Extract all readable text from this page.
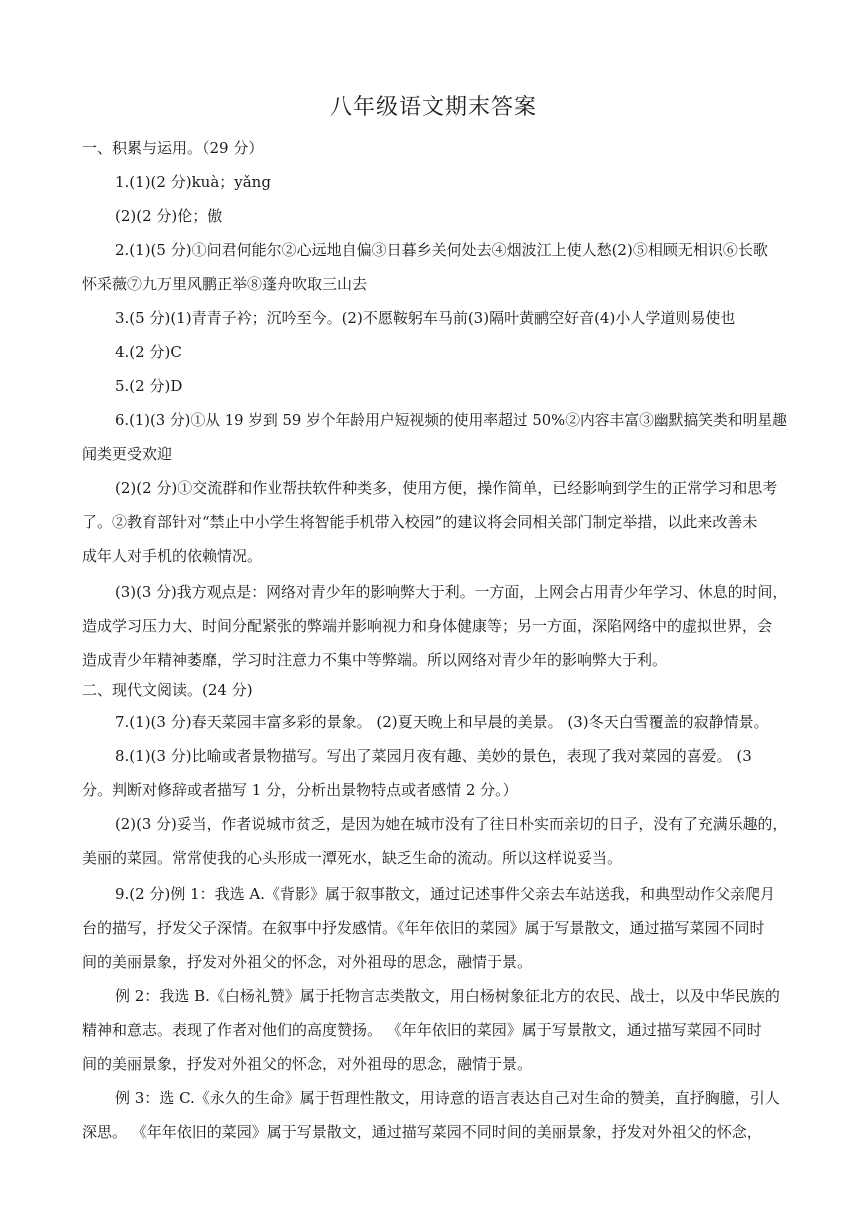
八年级语文期末答案
一、积累与运用。（29 分）
1.(1)(2 分)kuà；yǎng
(2)(2 分)伦；傲
2.(1)(5 分)①问君何能尔②心远地自偏③日暮乡关何处去④烟波江上使人愁(2)⑤相顾无相识⑥长歌
怀采薇⑦九万里风鹏正举⑧蓬舟吹取三山去
3.(5 分)(1)青青子衿；沉吟至今。(2)不愿鞍躬车马前(3)隔叶黄鹂空好音(4)小人学道则易使也
4.(2 分)C
5.(2 分)D
6.(1)(3 分)①从 19 岁到 59 岁个年龄用户短视频的使用率超过 50%②内容丰富③幽默搞笑类和明星趣
闻类更受欢迎
(2)(2 分)①交流群和作业帮扶软件种类多，使用方便，操作简单，已经影响到学生的正常学习和思考
了。②教育部针对“禁止中小学生将智能手机带入校园”的建议将会同相关部门制定举措，以此来改善未
成年人对手机的依赖情况。
(3)(3 分)我方观点是：网络对青少年的影响弊大于利。一方面，上网会占用青少年学习、休息的时间，
造成学习压力大、时间分配紧张的弊端并影响视力和身体健康等；另一方面，深陷网络中的虚拟世界，会
造成青少年精神萎靡，学习时注意力不集中等弊端。所以网络对青少年的影响弊大于利。
二、现代文阅读。(24 分)
7.(1)(3 分)春天菜园丰富多彩的景象。 (2)夏天晚上和早晨的美景。 (3)冬天白雪覆盖的寂静情景。
8.(1)(3 分)比喻或者景物描写。写出了菜园月夜有趣、美妙的景色，表现了我对菜园的喜爱。 (3
分。判断对修辞或者描写 1 分，分析出景物特点或者感情 2 分。）
(2)(3 分)妥当，作者说城市贫乏，是因为她在城市没有了往日朴实而亲切的日子，没有了充满乐趣的，
美丽的菜园。常常使我的心头形成一潭死水，缺乏生命的流动。所以这样说妥当。
9.(2 分)例 1：我选 A.《背影》属于叙事散文，通过记述事件父亲去车站送我，和典型动作父亲爬月
台的描写，抒发父子深情。在叙事中抒发感情。《年年依旧的菜园》属于写景散文，通过描写菜园不同时
间的美丽景象，抒发对外祖父的怀念，对外祖母的思念，融情于景。
例 2：我选 B.《白杨礼赞》属于托物言志类散文，用白杨树象征北方的农民、战士，以及中华民族的
精神和意志。表现了作者对他们的高度赞扬。 《年年依旧的菜园》属于写景散文，通过描写菜园不同时
间的美丽景象，抒发对外祖父的怀念，对外祖母的思念，融情于景。
例 3：选 C.《永久的生命》属于哲理性散文，用诗意的语言表达自己对生命的赞美，直抒胸臆，引人
深思。 《年年依旧的菜园》属于写景散文，通过描写菜园不同时间的美丽景象，抒发对外祖父的怀念，
